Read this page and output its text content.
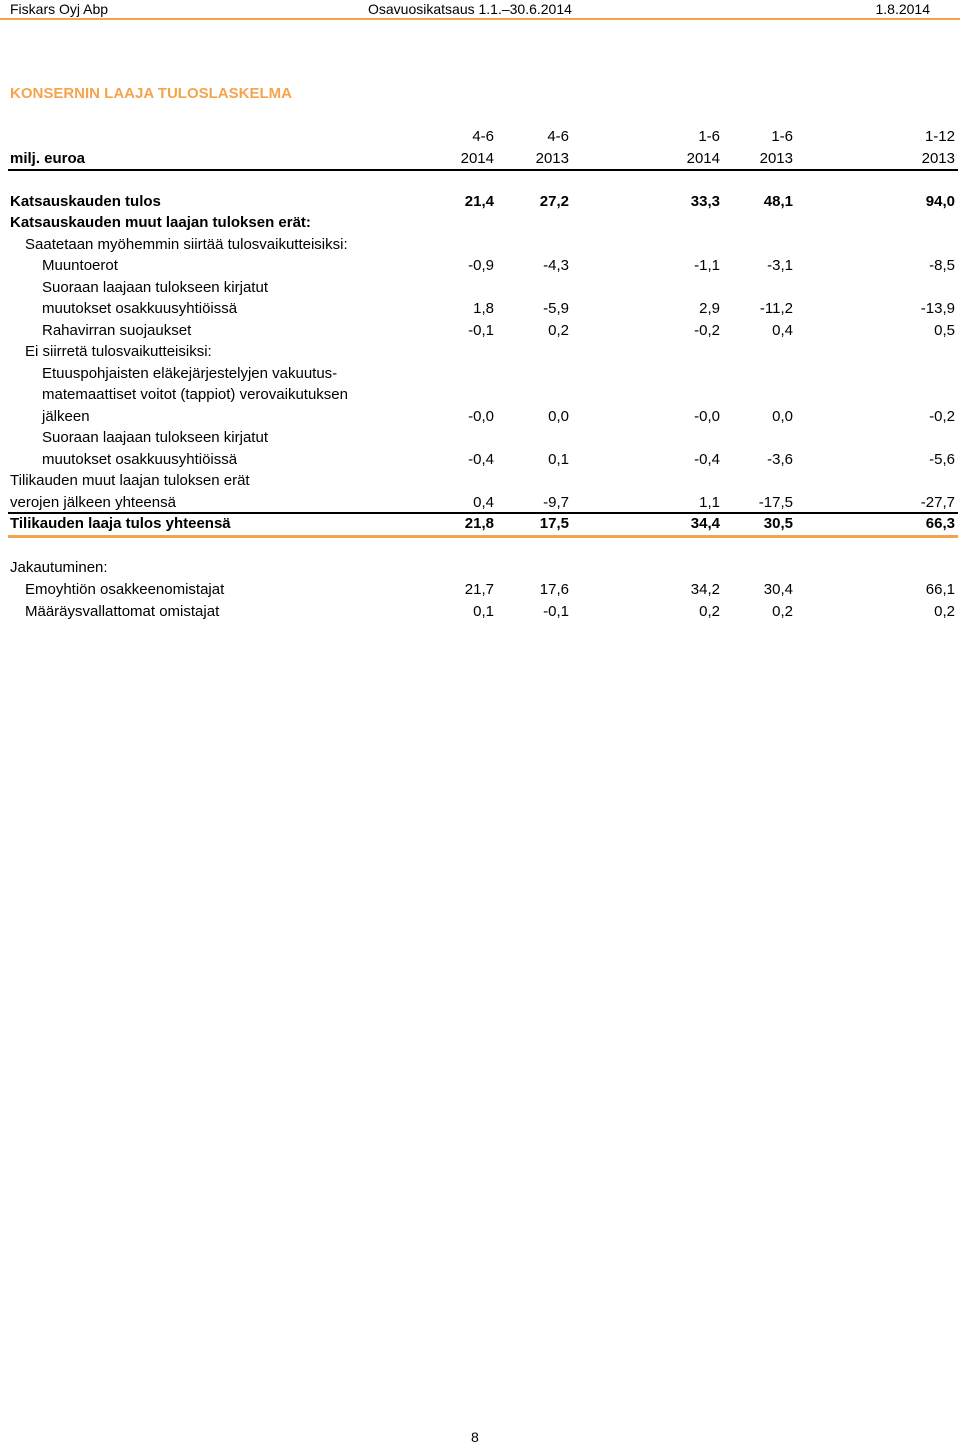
Fiskars Oyj Abp	Osavuosikatsaus 1.1.–30.6.2014	1.8.2014
KONSERNIN LAAJA TULOSLASKELMA
4-6	4-6	1-6	1-6	1-12
milj. euroa	2014	2013	2014	2013	2013
Katsauskauden tulos	21,4	27,2	33,3	48,1	94,0
Katsauskauden muut laajan tuloksen erät:
Saatetaan myöhemmin siirtää tulosvaikutteisiksi:
Muuntoerot	-0,9	-4,3	-1,1	-3,1	-8,5
Suoraan laajaan tulokseen kirjatut
muutokset osakkuusyhtiöissä	1,8	-5,9	2,9	-11,2	-13,9
Rahavirran suojaukset	-0,1	0,2	-0,2	0,4	0,5
Ei siirretä tulosvaikutteisiksi:
Etuuspohjaisten eläkejärjestelyjen vakuutus-
matemaattiset voitot (tappiot) verovaikutuksen
jälkeen	-0,0	0,0	-0,0	0,0	-0,2
Suoraan laajaan tulokseen kirjatut
muutokset osakkuusyhtiöissä	-0,4	0,1	-0,4	-3,6	-5,6
Tilikauden muut laajan tuloksen erät
verojen jälkeen yhteensä	0,4	-9,7	1,1	-17,5	-27,7
Tilikauden laaja tulos yhteensä	21,8	17,5	34,4	30,5	66,3
Jakautuminen:
Emoyhtiön osakkeenomistajat	21,7	17,6	34,2	30,4	66,1
Määräysvallattomat omistajat	0,1	-0,1	0,2	0,2	0,2
8
